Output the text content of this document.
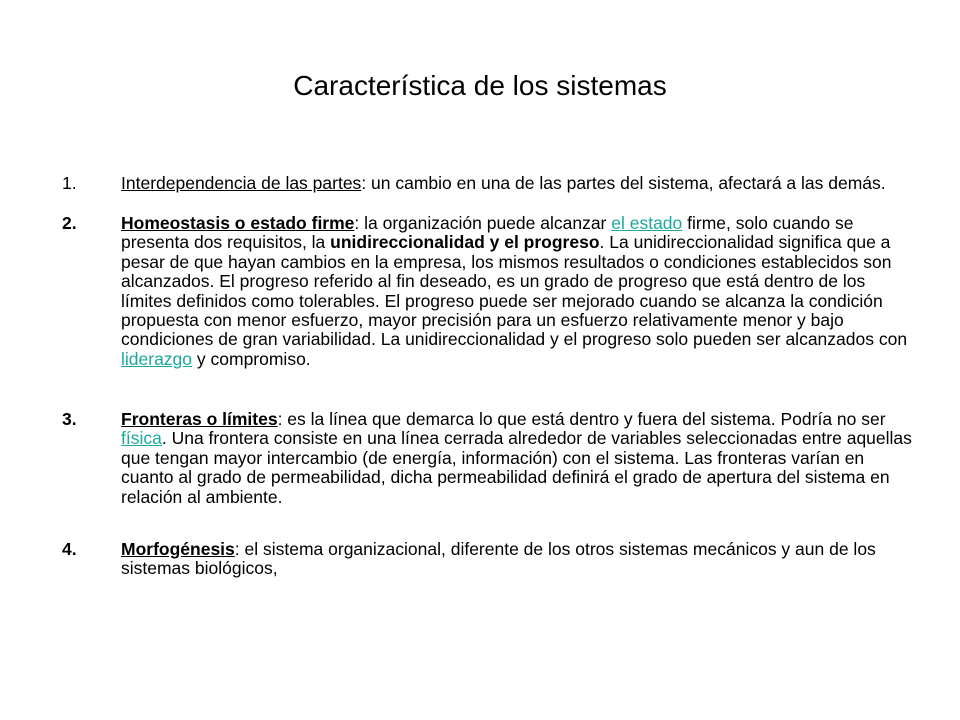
Característica de los sistemas
1.	Interdependencia de las partes: un cambio en una de las partes del sistema, afectará a las demás.
2.	Homeostasis o estado firme: la organización puede alcanzar el estado firme, solo cuando se presenta dos requisitos, la unidireccionalidad y el progreso. La unidireccionalidad significa que a pesar de que hayan cambios en la empresa, los mismos resultados o condiciones establecidos son alcanzados. El progreso referido al fin deseado, es un grado de progreso que está dentro de los límites definidos como tolerables. El progreso puede ser mejorado cuando se alcanza la condición propuesta con menor esfuerzo, mayor precisión para un esfuerzo relativamente menor y bajo condiciones de gran variabilidad. La unidireccionalidad y el progreso solo pueden ser alcanzados con liderazgo y compromiso.
3.	Fronteras o límites: es la línea que demarca lo que está dentro y fuera del sistema. Podría no ser física. Una frontera consiste en una línea cerrada alrededor de variables seleccionadas entre aquellas que tengan mayor intercambio (de energía, información) con el sistema. Las fronteras varían en cuanto al grado de permeabilidad, dicha permeabilidad definirá el grado de apertura del sistema en relación al ambiente.
4.	Morfogénesis: el sistema organizacional, diferente de los otros sistemas mecánicos y aun de los sistemas biológicos,
